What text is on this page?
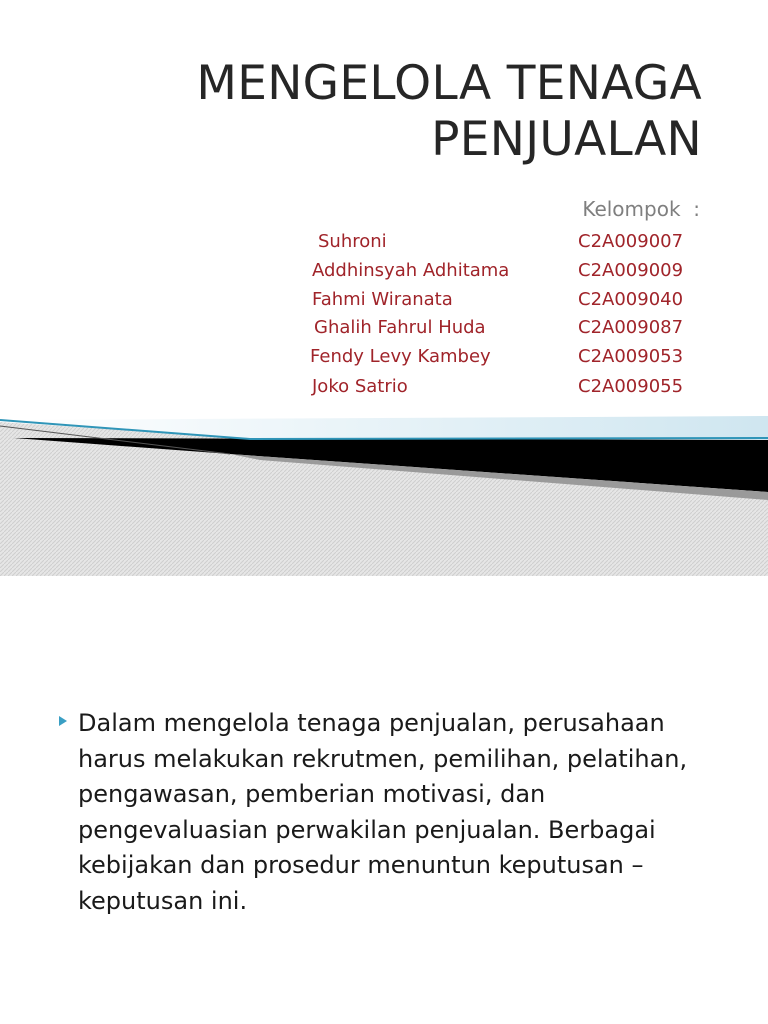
MENGELOLA TENAGA
PENJUALAN
Kelompok  :
Suhroni	C2A009007
Addhinsyah Adhitama	C2A009009
Fahmi Wiranata	C2A009040
Ghalih Fahrul Huda	C2A009087
Fendy Levy Kambey	C2A009053
Joko Satrio	C2A009055
Dalam mengelola tenaga penjualan, perusahaan harus melakukan rekrutmen, pemilihan, pelatihan, pengawasan, pemberian motivasi, dan pengevaluasian perwakilan penjualan. Berbagai kebijakan dan prosedur menuntun keputusan – keputusan ini.
